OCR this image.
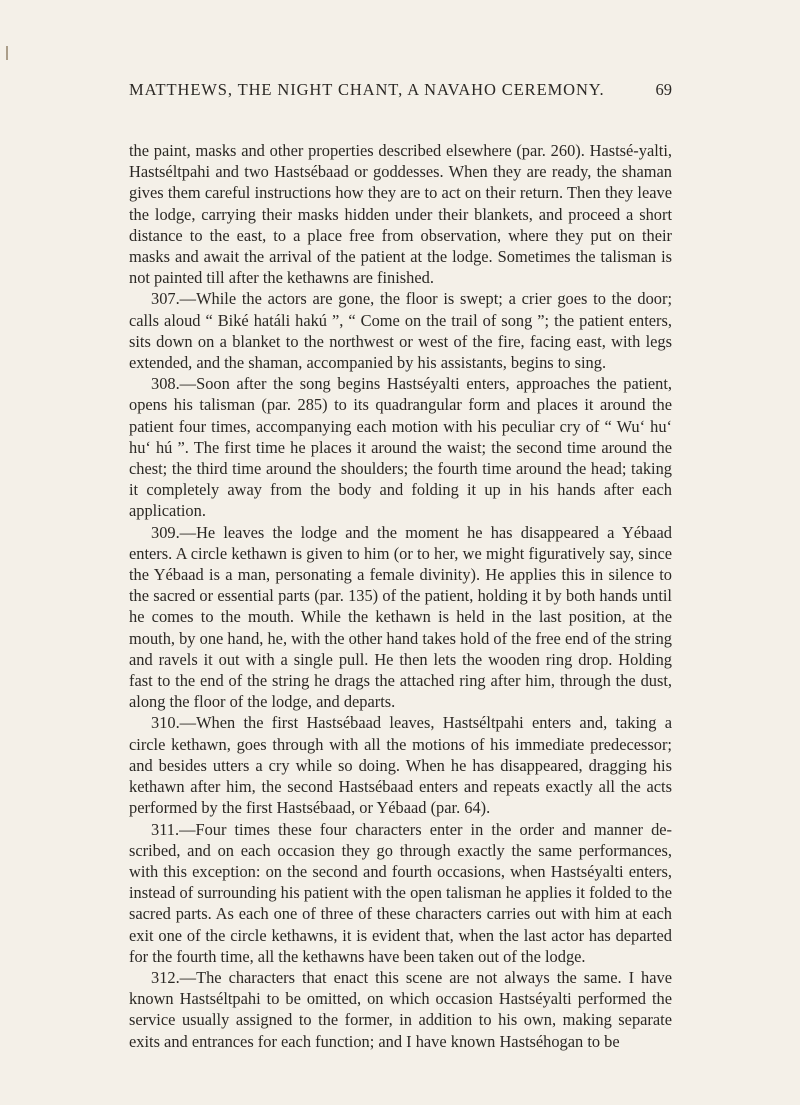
MATTHEWS, THE NIGHT CHANT, A NAVAHO CEREMONY.	69

the paint, masks and other properties described elsewhere (par. 260). Hastsé-yalti, Hastséltpahi and two Hastsébaad or goddesses. When they are ready, the shaman gives them careful instructions how they are to act on their return. Then they leave the lodge, carrying their masks hidden under their blankets, and proceed a short distance to the east, to a place free from observation, where they put on their masks and await the arrival of the patient at the lodge. Sometimes the talisman is not painted till after the kethawns are finished.

307.—While the actors are gone, the floor is swept; a crier goes to the door; calls aloud “ Biké hatáli hakú ”, “ Come on the trail of song ”; the patient enters, sits down on a blanket to the northwest or west of the fire, facing east, with legs extended, and the shaman, accompanied by his assistants, begins to sing.

308.—Soon after the song begins Hastséyalti enters, approaches the patient, opens his talisman (par. 285) to its quadrangular form and places it around the patient four times, accompanying each motion with his peculiar cry of “ Wu‘ hu‘ hu‘ hú ”. The first time he places it around the waist; the second time around the chest; the third time around the shoulders; the fourth time around the head; taking it completely away from the body and folding it up in his hands after each application.

309.—He leaves the lodge and the moment he has disappeared a Yébaad enters. A circle kethawn is given to him (or to her, we might figuratively say, since the Yébaad is a man, personating a female divinity). He applies this in silence to the sacred or essential parts (par. 135) of the patient, holding it by both hands until he comes to the mouth. While the kethawn is held in the last position, at the mouth, by one hand, he, with the other hand takes hold of the free end of the string and ravels it out with a single pull. He then lets the wooden ring drop. Holding fast to the end of the string he drags the attached ring after him, through the dust, along the floor of the lodge, and departs.

310.—When the first Hastsébaad leaves, Hastséltpahi enters and, taking a circle kethawn, goes through with all the motions of his immediate predecessor; and besides utters a cry while so doing. When he has disappeared, dragging his kethawn after him, the second Hastsébaad enters and repeats exactly all the acts performed by the first Hastsébaad, or Yébaad (par. 64).

311.—Four times these four characters enter in the order and manner de-scribed, and on each occasion they go through exactly the same performances, with this exception: on the second and fourth occasions, when Hastséyalti enters, instead of surrounding his patient with the open talisman he applies it folded to the sacred parts. As each one of three of these characters carries out with him at each exit one of the circle kethawns, it is evident that, when the last actor has departed for the fourth time, all the kethawns have been taken out of the lodge.

312.—The characters that enact this scene are not always the same. I have known Hastséltpahi to be omitted, on which occasion Hastséyalti performed the service usually assigned to the former, in addition to his own, making separate exits and entrances for each function; and I have known Hastséhogan to be
